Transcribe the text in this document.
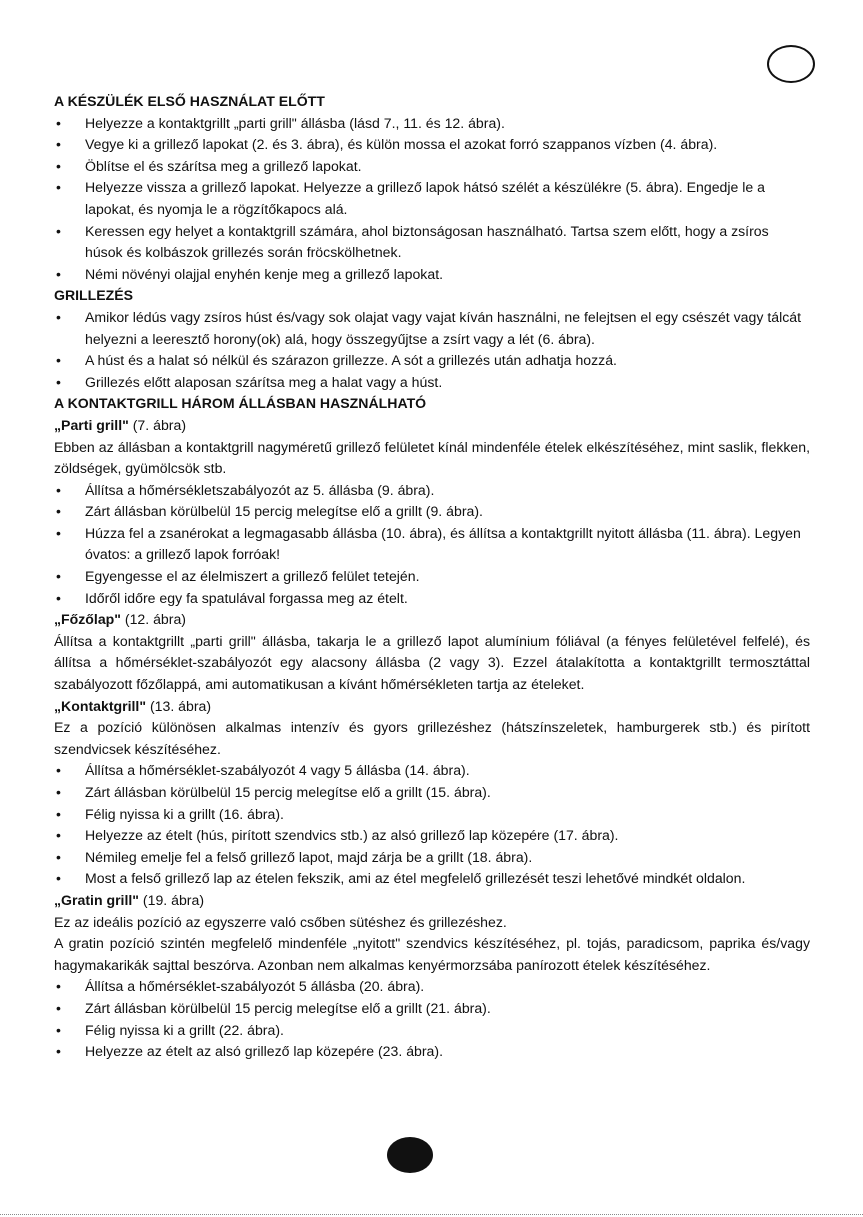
A KÉSZÜLÉK ELSŐ HASZNÁLAT ELŐTT
• Helyezze a kontaktgrillt „parti grill" állásba (lásd 7., 11. és 12. ábra).
• Vegye ki a grillező lapokat (2. és 3. ábra), és külön mossa el azokat forró szappanos vízben (4. ábra).
• Öblítse el és szárítsa meg a grillező lapokat.
• Helyezze vissza a grillező lapokat. Helyezze a grillező lapok hátsó szélét a készülékre (5. ábra). Engedje le a lapokat, és nyomja le a rögzítőkapocs alá.
• Keressen egy helyet a kontaktgrill számára, ahol biztonságosan használható. Tartsa szem előtt, hogy a zsíros húsok és kolbászok grillezés során fröcskölhetnek.
• Némi növényi olajjal enyhén kenje meg a grillező lapokat.
GRILLEZÉS
• Amikor lédús vagy zsíros húst és/vagy sok olajat vagy vajat kíván használni, ne felejtsen el egy csészét vagy tálcát helyezni a leeresztő horony(ok) alá, hogy összegyűjtse a zsírt vagy a lét (6. ábra).
• A húst és a halat só nélkül és szárazon grillezze. A sót a grillezés után adhatja hozzá.
• Grillezés előtt alaposan szárítsa meg a halat vagy a húst.
A KONTAKTGRILL HÁROM ÁLLÁSBAN HASZNÁLHATÓ

„Parti grill" (7. ábra)

Ebben az állásban a kontaktgrill nagyméretű grillező felületet kínál mindenféle ételek elkészítéséhez, mint saslik, flekken, zöldségek, gyümölcsök stb.

• Állítsa a hőmérsékletszabályozót az 5. állásba (9. ábra).
• Zárt állásban körülbelül 15 percig melegítse elő a grillt (9. ábra).
• Húzza fel a zsanérokat a legmagasabb állásba (10. ábra), és állítsa a kontaktgrillt nyitott állásba (11. ábra). Legyen óvatos: a grillező lapok forróak!
• Egyengesse el az élelmiszert a grillező felület tetején.
• Időről időre egy fa spatulával forgassa meg az ételt.

„Főzőlap" (12. ábra)

Állítsa a kontaktgrillt „parti grill" állásba, takarja le a grillező lapot alumínium fóliával (a fényes felületével felfelé), és állítsa a hőmérséklet-szabályozót egy alacsony állásba (2 vagy 3). Ezzel átalakította a kontaktgrillt termosztáttal szabályozott főzőlappá, ami automatikusan a kívánt hőmérsékleten tartja az ételeket.

„Kontaktgrill" (13. ábra)

Ez a pozíció különösen alkalmas intenzív és gyors grillezéshez (hátszínszeletek, hamburgerek stb.) és pirított szendvicsek készítéséhez.

• Állítsa a hőmérséklet-szabályozót 4 vagy 5 állásba (14. ábra).
• Zárt állásban körülbelül 15 percig melegítse elő a grillt (15. ábra).
• Félig nyissa ki a grillt (16. ábra).
• Helyezze az ételt (hús, pirított szendvics stb.) az alsó grillező lap közepére (17. ábra).
• Némileg emelje fel a felső grillező lapot, majd zárja be a grillt (18. ábra).
• Most a felső grillező lap az ételen fekszik, ami az étel megfelelő grillezését teszi lehetővé mindkét oldalon.

„Gratin grill" (19. ábra)

Ez az ideális pozíció az egyszerre való csőben sütéshez és grillezéshez.

A gratin pozíció szintén megfelelő mindenféle „nyitott" szendvics készítéséhez, pl. tojás, paradicsom, paprika és/vagy hagymakarikák sajttal beszórva. Azonban nem alkalmas kenyérmorzsába panírozott ételek készítéséhez.

• Állítsa a hőmérséklet-szabályozót 5 állásba (20. ábra).
• Zárt állásban körülbelül 15 percig melegítse elő a grillt (21. ábra).
• Félig nyissa ki a grillt (22. ábra).
• Helyezze az ételt az alsó grillező lap közepére (23. ábra).
